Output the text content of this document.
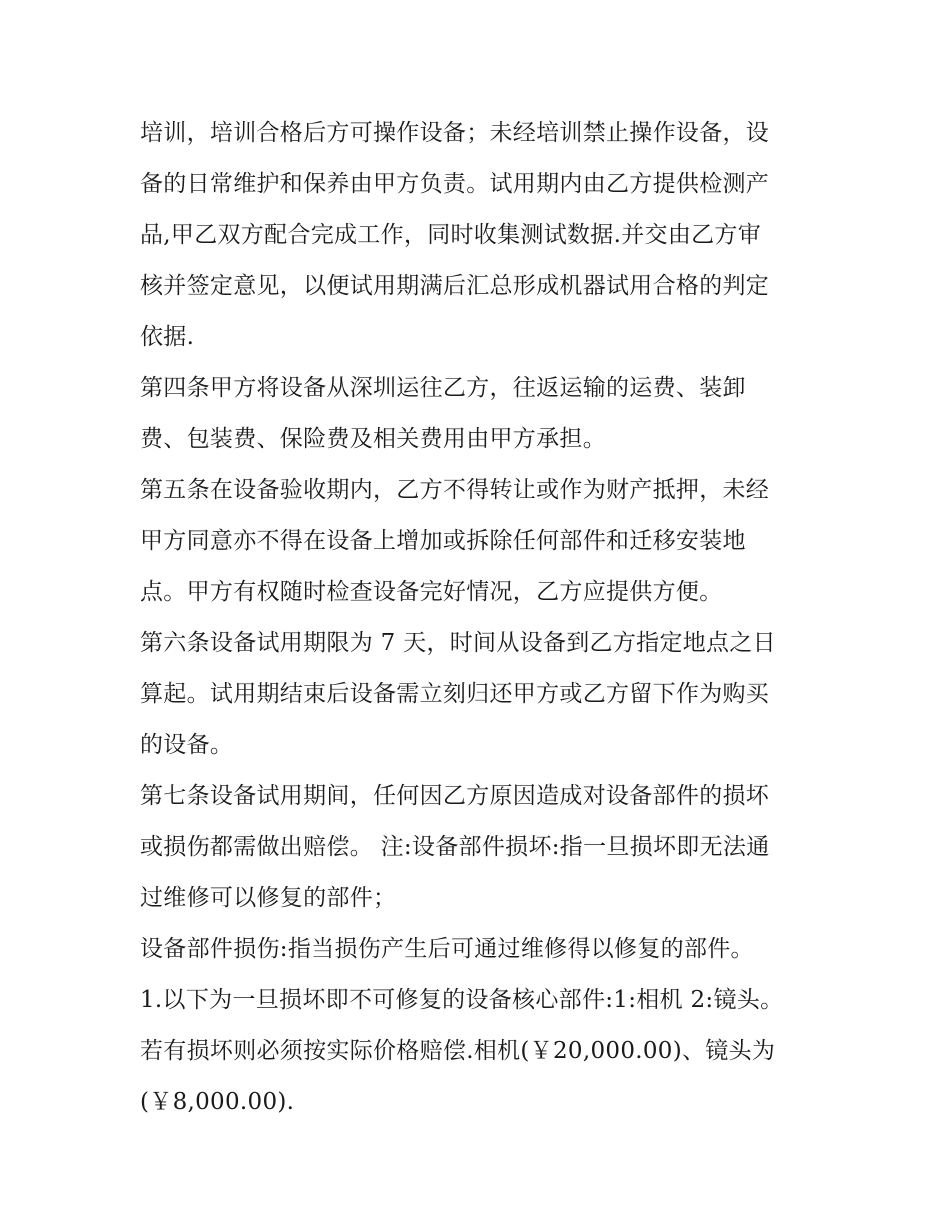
培训，培训合格后方可操作设备；未经培训禁止操作设备，设
备的日常维护和保养由甲方负责。试用期内由乙方提供检测产
品,甲乙双方配合完成工作，同时收集测试数据.并交由乙方审
核并签定意见，以便试用期满后汇总形成机器试用合格的判定
依据.

第四条甲方将设备从深圳运往乙方，往返运输的运费、装卸
费、包装费、保险费及相关费用由甲方承担。

第五条在设备验收期内，乙方不得转让或作为财产抵押，未经
甲方同意亦不得在设备上增加或拆除任何部件和迁移安装地
点。甲方有权随时检查设备完好情况，乙方应提供方便。

第六条设备试用期限为 7 天，时间从设备到乙方指定地点之日
算起。试用期结束后设备需立刻归还甲方或乙方留下作为购买
的设备。

第七条设备试用期间，任何因乙方原因造成对设备部件的损坏
或损伤都需做出赔偿。 注:设备部件损坏:指一旦损坏即无法通
过维修可以修复的部件；

设备部件损伤:指当损伤产生后可通过维修得以修复的部件。

1.以下为一旦损坏即不可修复的设备核心部件:1:相机 2:镜头。

若有损坏则必须按实际价格赔偿.相机(￥20,000.00)、镜头为
(￥8,000.00).
